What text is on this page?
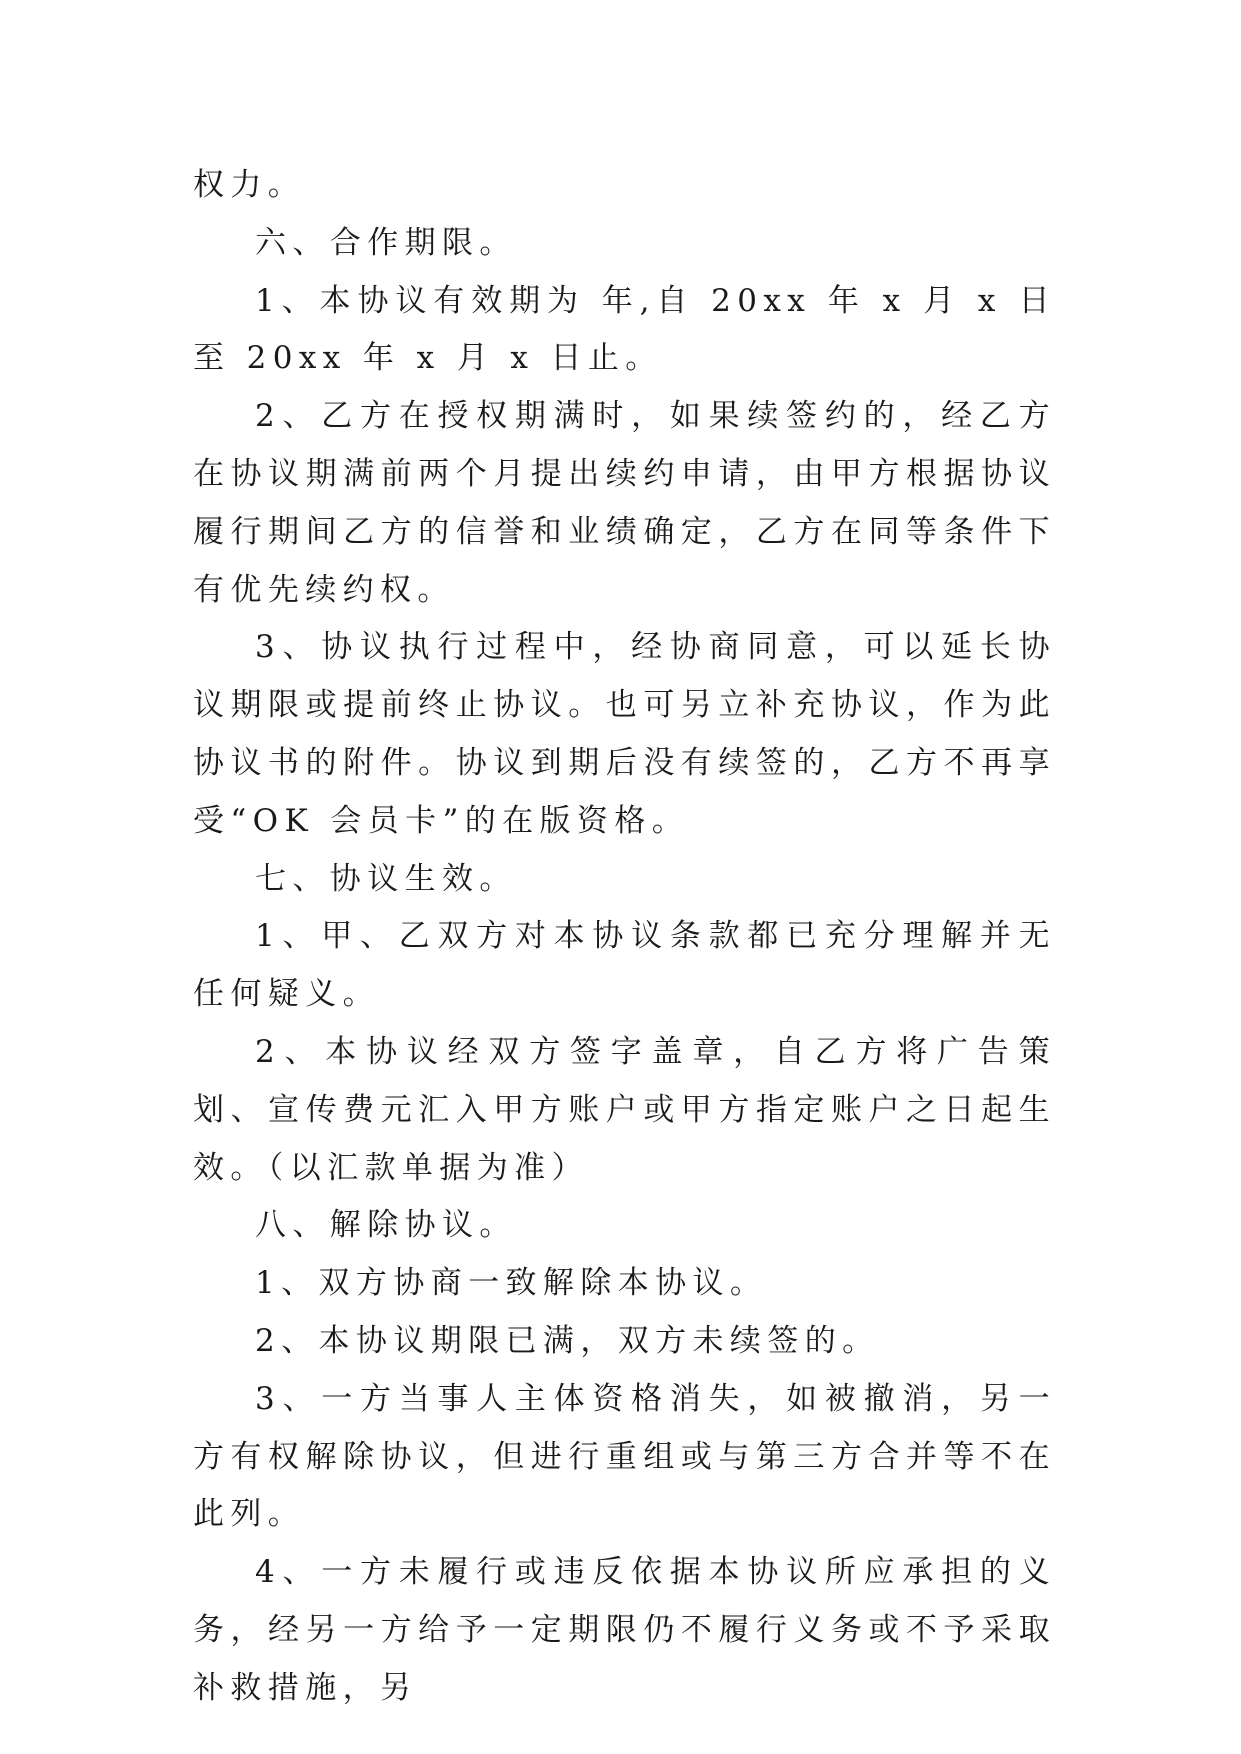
权力。

六、合作期限。

1、本协议有效期为 年,自 20xx 年 x 月 x 日至 20xx 年 x 月 x 日止。

2、乙方在授权期满时，如果续签约的，经乙方在协议期满前两个月提出续约申请，由甲方根据协议履行期间乙方的信誉和业绩确定，乙方在同等条件下有优先续约权。

3、协议执行过程中，经协商同意，可以延长协议期限或提前终止协议。也可另立补充协议，作为此协议书的附件。协议到期后没有续签的，乙方不再享受“OK 会员卡”的在版资格。

七、协议生效。

1、甲、乙双方对本协议条款都已充分理解并无任何疑义。

2、本协议经双方签字盖章，自乙方将广告策划、宣传费元汇入甲方账户或甲方指定账户之日起生效。（以汇款单据为准）

八、解除协议。

1、双方协商一致解除本协议。

2、本协议期限已满，双方未续签的。

3、一方当事人主体资格消失，如被撤消，另一方有权解除协议，但进行重组或与第三方合并等不在此列。

4、一方未履行或违反依据本协议所应承担的义务，经另一方给予一定期限仍不履行义务或不予采取补救措施，另
